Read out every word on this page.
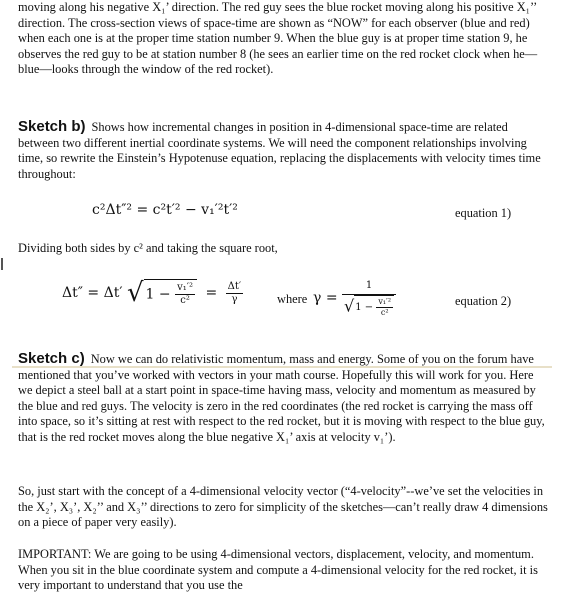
moving along his negative X₁’ direction. The red guy sees the blue rocket moving along his positive X₁’’ direction. The cross-section views of space-time are shown as “NOW” for each observer (blue and red) when each one is at the proper time station number 9. When the blue guy is at proper time station 9, he observes the red guy to be at station number 8 (he sees an earlier time on the red rocket clock when he—blue—looks through the window of the red rocket).

Sketch b) Shows how incremental changes in position in 4-dimensional space-time are related between two different inertial coordinate systems. We will need the component relationships involving time, so rewrite the Einstein’s Hypotenuse equation, replacing the displacements with velocity times time throughout:

c²Δt″² = c²t′² − v₁′²t′²	equation 1)

Dividing both sides by c² and taking the square root,

Δt″ = Δt′ √ $1 - \frac{\text{v₁′²}}{\text{c²}} = \frac{\Delta t'}{\gamma}$	where γ =
1
$√1 - \frac{\text{v₁′²}}{\text{c²}}$	equation 2)

Sketch c) Now we can do relativistic momentum, mass and energy. Some of you on the forum have mentioned that you’ve worked with vectors in your math course. Hopefully this will work for you. Here we depict a steel ball at a start point in space-time having mass, velocity and momentum as measured by the blue and red guys. The velocity is zero in the red coordinates (the red rocket is carrying the mass off into space, so it’s sitting at rest with respect to the red rocket, but it is moving with respect to the blue guy, that is the red rocket moves along the blue negative X₁’ axis at velocity v₁’).

So, just start with the concept of a 4-dimensional velocity vector (“4-velocity”--we’ve set the velocities in the X₂’, X₃’, X₂’’ and X₃’’ directions to zero for simplicity of the sketches—can’t really draw 4 dimensions on a piece of paper very easily).

IMPORTANT: We are going to be using 4-dimensional vectors, displacement, velocity, and momentum. When you sit in the blue coordinate system and compute a 4-dimensional velocity for the red rocket, it is very important to understand that you use the
